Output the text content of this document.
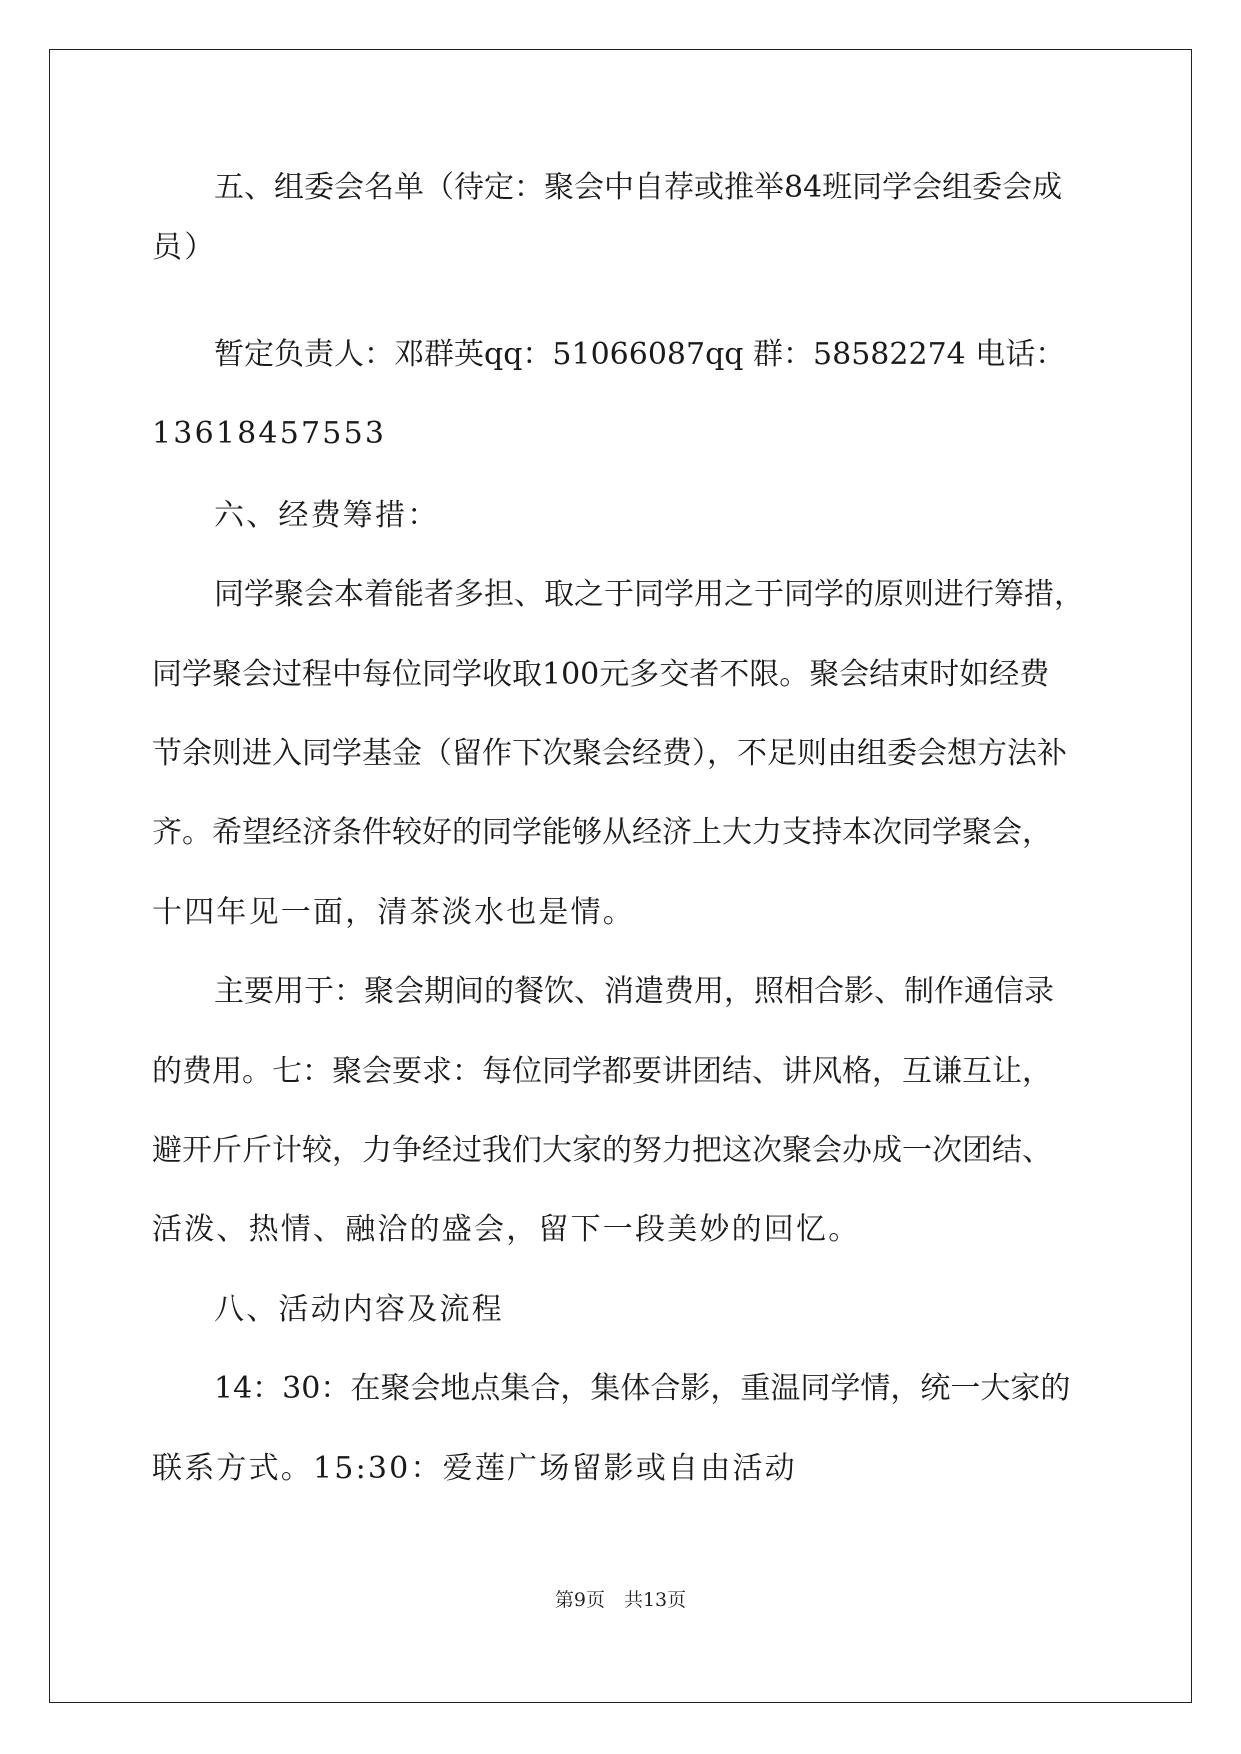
五、组委会名单（待定：聚会中自荐或推举84班同学会组委会成
员）
暂定负责人：邓群英qq：51066087qq 群：58582274 电话：
13618457553
六、经费筹措：
同学聚会本着能者多担、取之于同学用之于同学的原则进行筹措，
同学聚会过程中每位同学收取100元多交者不限。聚会结束时如经费
节余则进入同学基金（留作下次聚会经费），不足则由组委会想方法补
齐。希望经济条件较好的同学能够从经济上大力支持本次同学聚会，
十四年见一面，清茶淡水也是情。
主要用于：聚会期间的餐饮、消遣费用，照相合影、制作通信录
的费用。七：聚会要求：每位同学都要讲团结、讲风格，互谦互让，
避开斤斤计较，力争经过我们大家的努力把这次聚会办成一次团结、
活泼、热情、融洽的盛会，留下一段美妙的回忆。
八、活动内容及流程
14：30：在聚会地点集合，集体合影，重温同学情，统一大家的
联系方式。15:30：爱莲广场留影或自由活动
第9页　共13页
